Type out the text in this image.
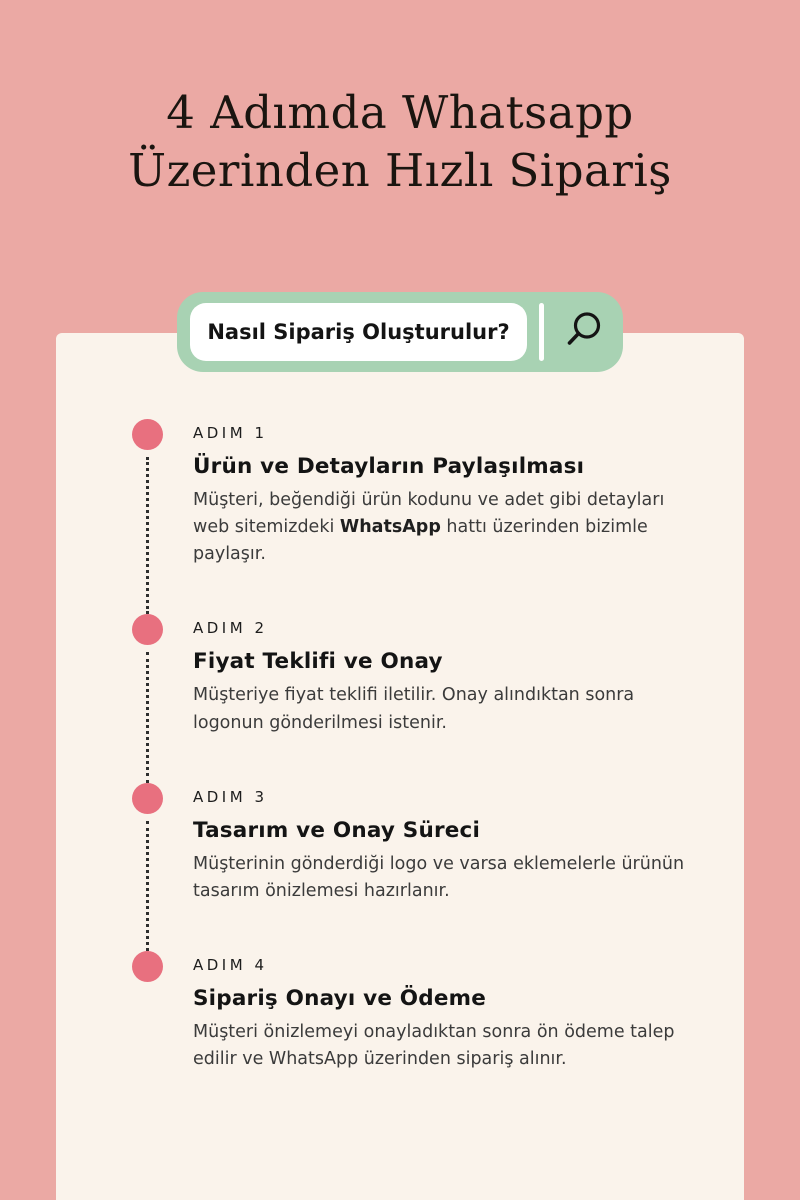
4 Adımda Whatsapp
Üzerinden Hızlı Sipariş
ADIM 1
Ürün ve Detayların Paylaşılması

Müşteri, beğendiği ürün kodunu ve adet gibi detayları web sitemizdeki WhatsApp hattı üzerinden bizimle paylaşır.

ADIM 2
Fiyat Teklifi ve Onay

Müşteriye fiyat teklifi iletilir. Onay alındıktan sonra logonun gönderilmesi istenir.

ADIM 3
Tasarım ve Onay Süreci

Müşterinin gönderdiği logo ve varsa eklemelerle ürünün tasarım önizlemesi hazırlanır.

ADIM 4
Sipariş Onayı ve Ödeme

Müşteri önizlemeyi onayladıktan sonra ön ödeme talep edilir ve WhatsApp üzerinden sipariş alınır.

Nasıl Sipariş Oluşturulur?
